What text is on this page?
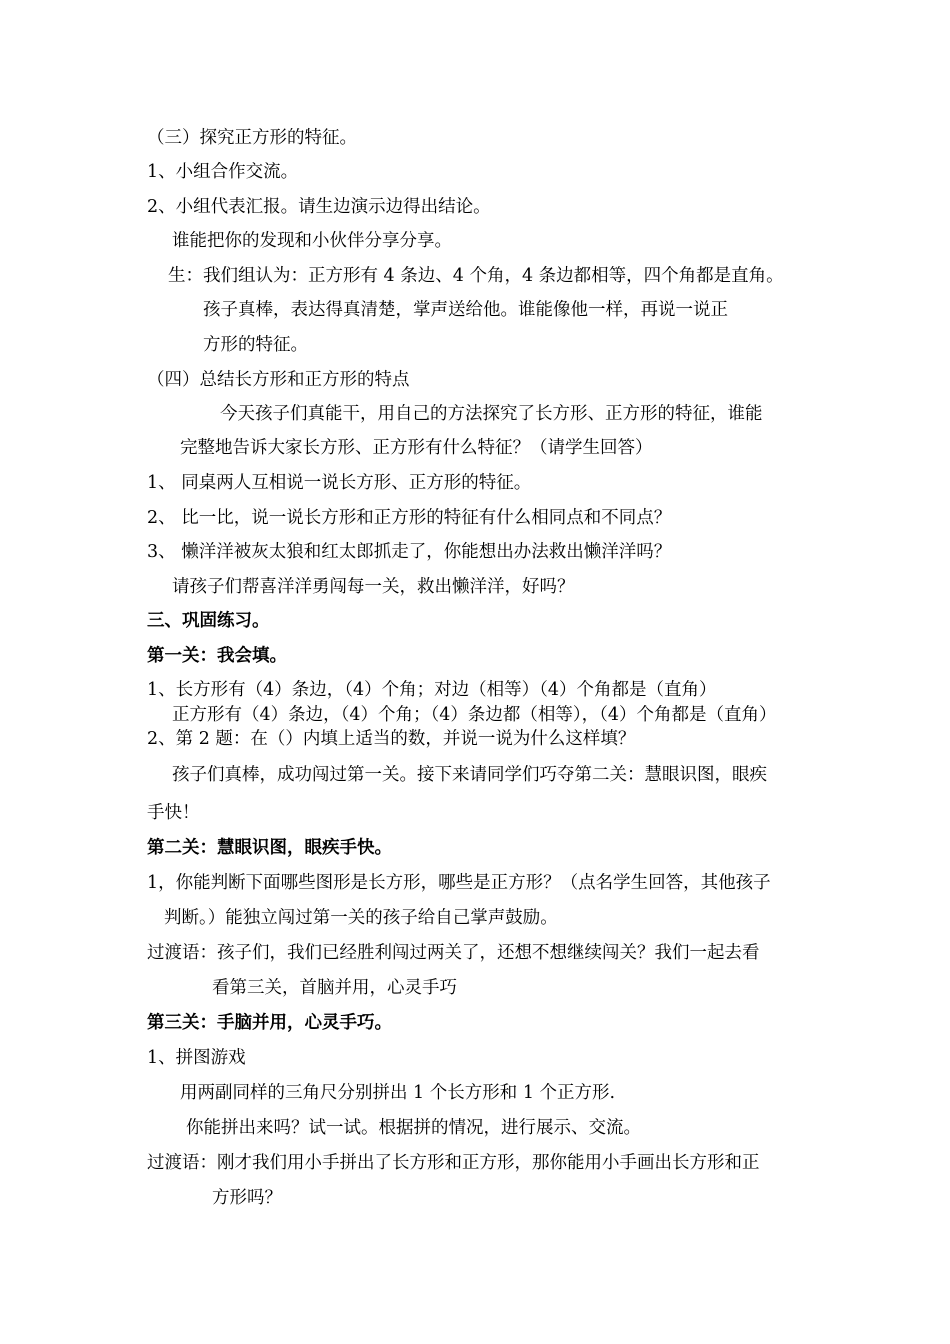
（三）探究正方形的特征。
1、小组合作交流。
2、小组代表汇报。请生边演示边得出结论。
谁能把你的发现和小伙伴分享分享。
生：我们组认为：正方形有 4 条边、4 个角，4 条边都相等，四个角都是直角。
孩子真棒，表达得真清楚，掌声送给他。谁能像他一样，再说一说正
方形的特征。
（四）总结长方形和正方形的特点
今天孩子们真能干，用自己的方法探究了长方形、正方形的特征，谁能
完整地告诉大家长方形、正方形有什么特征？（请学生回答）
1、 同桌两人互相说一说长方形、正方形的特征。
2、 比一比，说一说长方形和正方形的特征有什么相同点和不同点？
3、 懒洋洋被灰太狼和红太郎抓走了，你能想出办法救出懒洋洋吗？
请孩子们帮喜洋洋勇闯每一关，救出懒洋洋，好吗？
三、巩固练习。
第一关：我会填。
1、长方形有（4）条边，（4）个角；对边（相等）（4）个角都是（直角）
正方形有（4）条边，（4）个角；（4）条边都（相等），（4）个角都是（直角）
2、第 2 题：在（）内填上适当的数，并说一说为什么这样填？
孩子们真棒，成功闯过第一关。接下来请同学们巧夺第二关：慧眼识图，眼疾
手快！
第二关：慧眼识图，眼疾手快。
1，你能判断下面哪些图形是长方形，哪些是正方形？（点名学生回答，其他孩子
判断。）能独立闯过第一关的孩子给自己掌声鼓励。
过渡语：孩子们，我们已经胜利闯过两关了，还想不想继续闯关？我们一起去看
看第三关，首脑并用，心灵手巧
第三关：手脑并用，心灵手巧。
1、拼图游戏
用两副同样的三角尺分别拼出 1 个长方形和 1 个正方形.
你能拼出来吗？试一试。根据拼的情况，进行展示、交流。
过渡语：刚才我们用小手拼出了长方形和正方形，那你能用小手画出长方形和正
方形吗？
